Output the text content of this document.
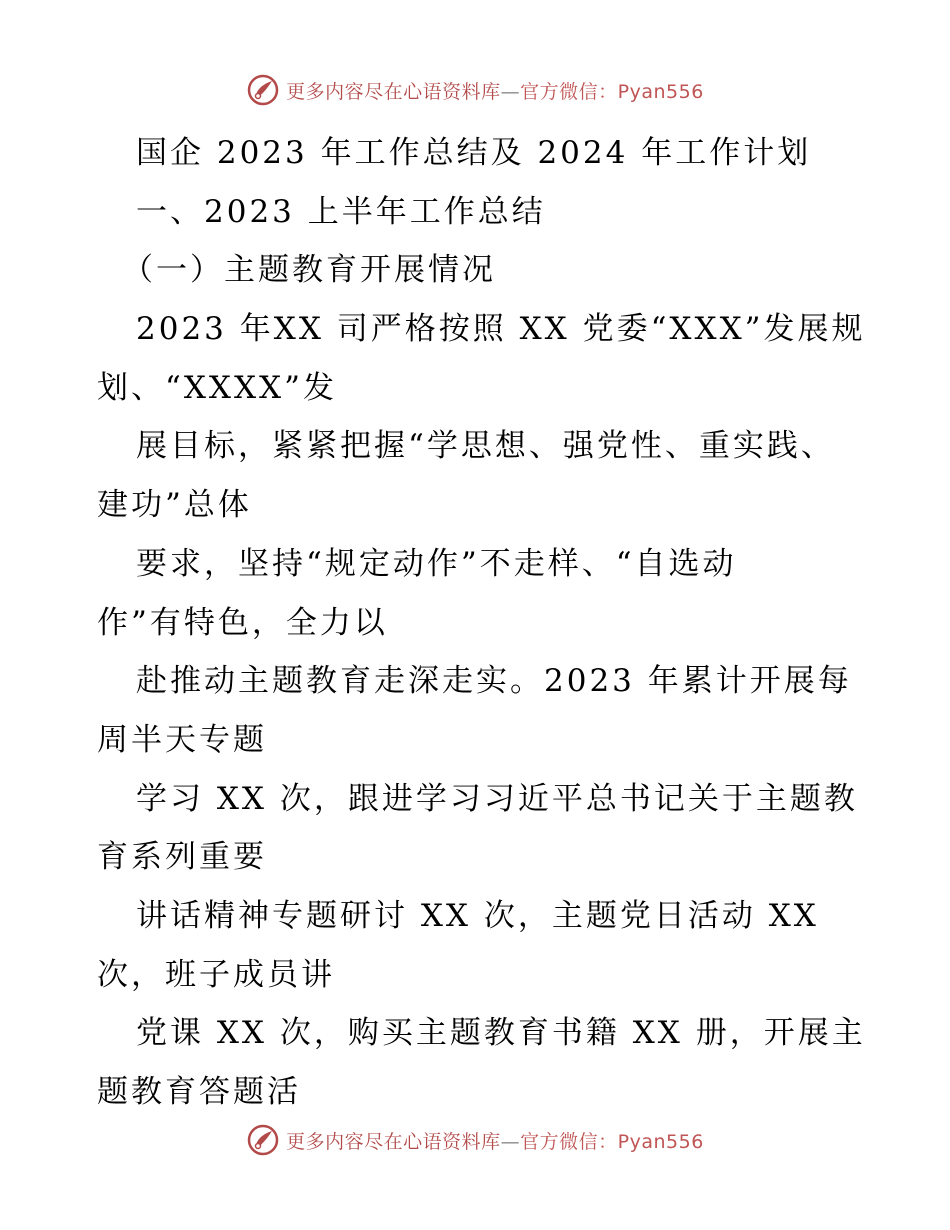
更多内容尽在心语资料库—官方微信：Pyan556
国企 2023 年工作总结及 2024 年工作计划
一、2023 上半年工作总结
（一）主题教育开展情况
2023 年XX 司严格按照 XX 党委“XXX”发展规
划、“XXXX”发
展目标，紧紧把握“学思想、强党性、重实践、
建功”总体
要求，坚持“规定动作”不走样、“自选动
作”有特色，全力以
赴推动主题教育走深走实。2023 年累计开展每
周半天专题
学习 XX 次，跟进学习习近平总书记关于主题教
育系列重要
讲话精神专题研讨 XX 次，主题党日活动 XX
次，班子成员讲
党课 XX 次，购买主题教育书籍 XX 册，开展主
题教育答题活
更多内容尽在心语资料库—官方微信：Pyan556
